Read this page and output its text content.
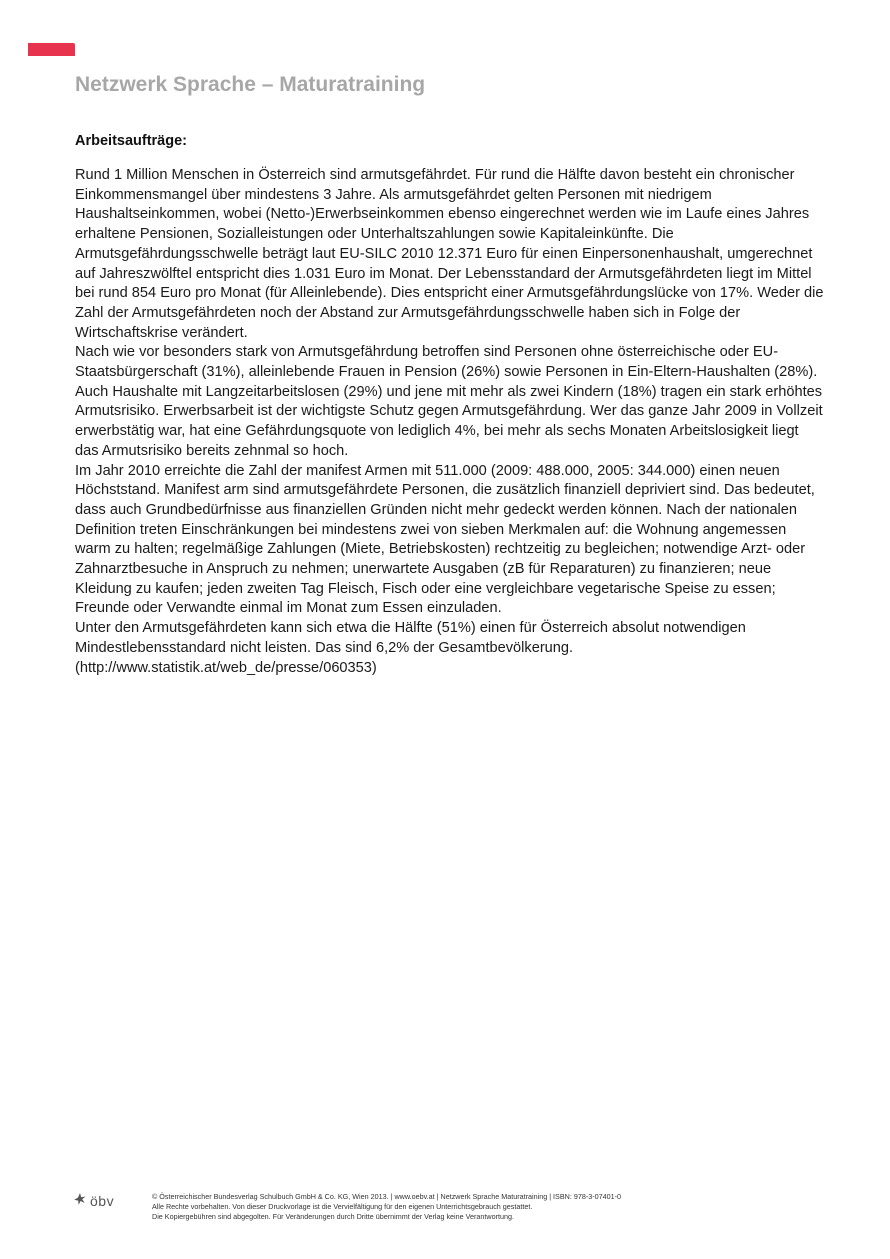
Netzwerk Sprache – Maturatraining
Arbeitsaufträge:

Rund 1 Million Menschen in Österreich sind armutsgefährdet. Für rund die Hälfte davon besteht ein chronischer Einkommensmangel über mindestens 3 Jahre. Als armutsgefährdet gelten Personen mit niedrigem Haushaltseinkommen, wobei (Netto-)Erwerbseinkommen ebenso eingerechnet werden wie im Laufe eines Jahres erhaltene Pensionen, Sozialleistungen oder Unterhaltszahlungen sowie Kapitaleinkünfte. Die Armutsgefährdungsschwelle beträgt laut EU-SILC 2010 12.371 Euro für einen Einpersonenhaushalt, umgerechnet auf Jahreszwölftel entspricht dies 1.031 Euro im Monat. Der Lebensstandard der Armutsgefährdeten liegt im Mittel bei rund 854 Euro pro Monat (für Alleinlebende). Dies entspricht einer Armutsgefährdungslücke von 17%. Weder die Zahl der Armutsgefährdeten noch der Abstand zur Armutsgefährdungsschwelle haben sich in Folge der Wirtschaftskrise verändert.

Nach wie vor besonders stark von Armutsgefährdung betroffen sind Personen ohne österreichische oder EU-Staatsbürgerschaft (31%), alleinlebende Frauen in Pension (26%) sowie Personen in Ein-Eltern-Haushalten (28%). Auch Haushalte mit Langzeitarbeitslosen (29%) und jene mit mehr als zwei Kindern (18%) tragen ein stark erhöhtes Armutsrisiko. Erwerbsarbeit ist der wichtigste Schutz gegen Armutsgefährdung. Wer das ganze Jahr 2009 in Vollzeit erwerbstätig war, hat eine Gefährdungsquote von lediglich 4%, bei mehr als sechs Monaten Arbeitslosigkeit liegt das Armutsrisiko bereits zehnmal so hoch.

Im Jahr 2010 erreichte die Zahl der manifest Armen mit 511.000 (2009: 488.000, 2005: 344.000) einen neuen Höchststand. Manifest arm sind armutsgefährdete Personen, die zusätzlich finanziell depriviert sind. Das bedeutet, dass auch Grundbedürfnisse aus finanziellen Gründen nicht mehr gedeckt werden können. Nach der nationalen Definition treten Einschränkungen bei mindestens zwei von sieben Merkmalen auf: die Wohnung angemessen warm zu halten; regelmäßige Zahlungen (Miete, Betriebskosten) rechtzeitig zu begleichen; notwendige Arzt- oder Zahnarztbesuche in Anspruch zu nehmen; unerwartete Ausgaben (zB für Reparaturen) zu finanzieren; neue Kleidung zu kaufen; jeden zweiten Tag Fleisch, Fisch oder eine vergleichbare vegetarische Speise zu essen; Freunde oder Verwandte einmal im Monat zum Essen einzuladen.

Unter den Armutsgefährdeten kann sich etwa die Hälfte (51%) einen für Österreich absolut notwendigen Mindestlebensstandard nicht leisten. Das sind 6,2% der Gesamtbevölkerung.

(http://www.statistik.at/web_de/presse/060353)

öbv	© Österreichischer Bundesverlag Schulbuch GmbH & Co. KG, Wien 2013. | www.oebv.at | Netzwerk Sprache Maturatraining | ISBN: 978-3-07401-0
Alle Rechte vorbehalten. Von dieser Druckvorlage ist die Vervielfältigung für den eigenen Unterrichtsgebrauch gestattet.
Die Kopiergebühren sind abgegolten. Für Veränderungen durch Dritte übernimmt der Verlag keine Verantwortung.
